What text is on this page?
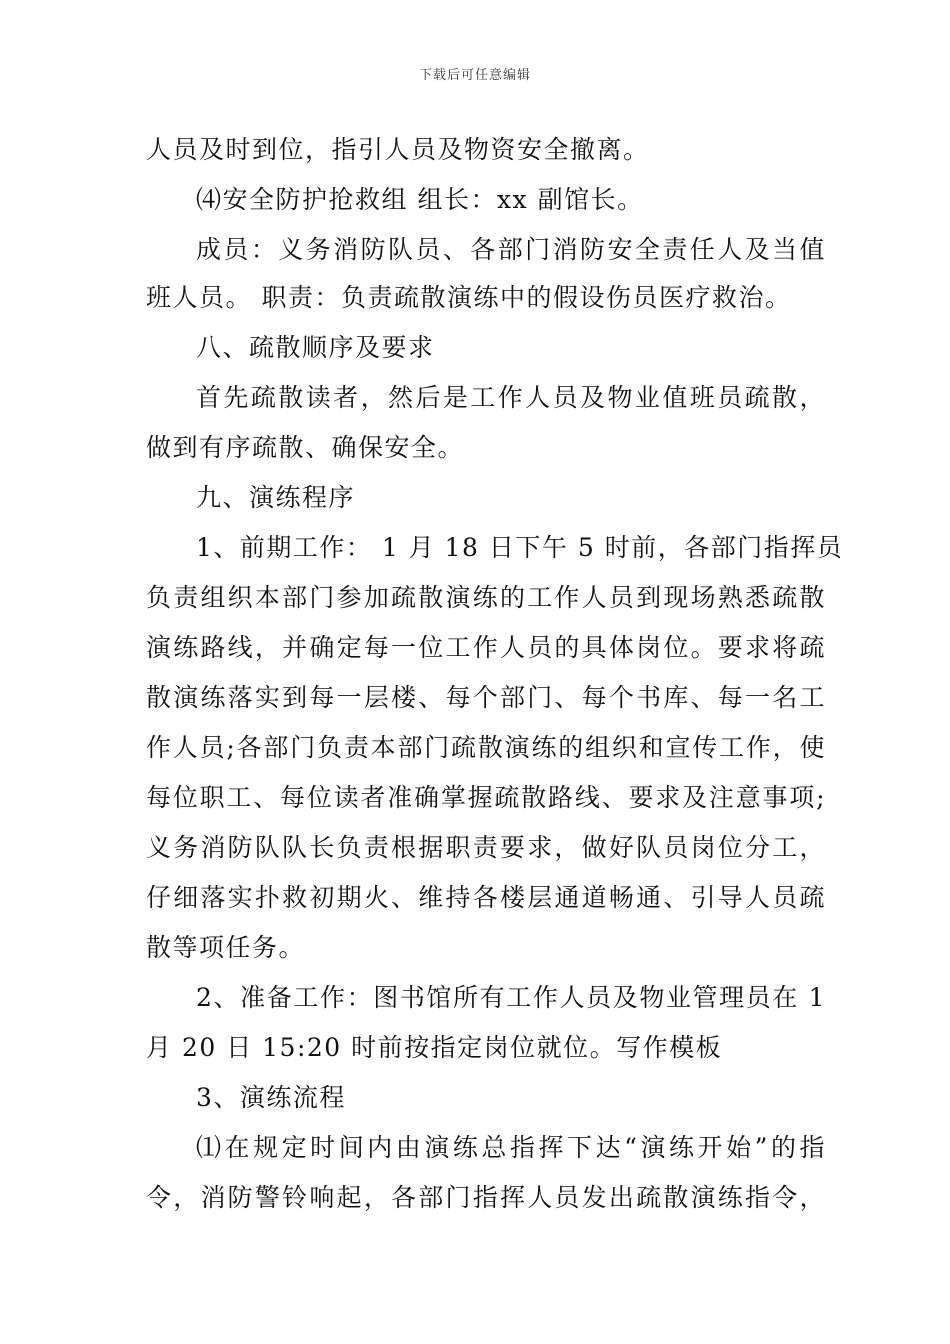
下载后可任意编辑
人员及时到位，指引人员及物资安全撤离。
⑷安全防护抢救组 组长：xx 副馆长。
成员：义务消防队员、各部门消防安全责任人及当值
班人员。 职责：负责疏散演练中的假设伤员医疗救治。
八、疏散顺序及要求
首先疏散读者，然后是工作人员及物业值班员疏散，
做到有序疏散、确保安全。
九、演练程序
1、前期工作： 1 月 18 日下午 5 时前，各部门指挥员
负责组织本部门参加疏散演练的工作人员到现场熟悉疏散
演练路线，并确定每一位工作人员的具体岗位。要求将疏
散演练落实到每一层楼、每个部门、每个书库、每一名工
作人员;各部门负责本部门疏散演练的组织和宣传工作，使
每位职工、每位读者准确掌握疏散路线、要求及注意事项;
义务消防队队长负责根据职责要求，做好队员岗位分工，
仔细落实扑救初期火、维持各楼层通道畅通、引导人员疏
散等项任务。
2、准备工作：图书馆所有工作人员及物业管理员在 1
月 20 日 15:20 时前按指定岗位就位。写作模板
3、演练流程
⑴在规定时间内由演练总指挥下达“演练开始”的指
令，消防警铃响起，各部门指挥人员发出疏散演练指令，
